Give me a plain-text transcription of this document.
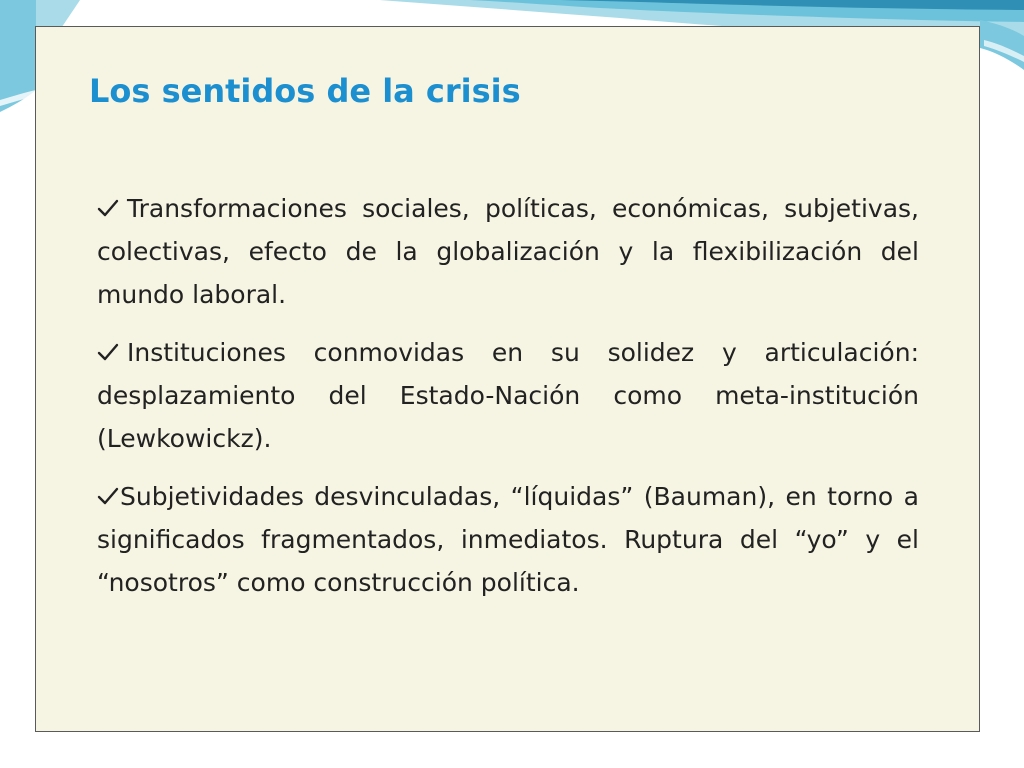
Los sentidos de la crisis
Transformaciones sociales, políticas, económicas, subjetivas, colectivas, efecto de la globalización y la flexibilización del mundo laboral.
Instituciones conmovidas en su solidez y articulación: desplazamiento del Estado-Nación como meta-institución (Lewkowickz).
Subjetividades desvinculadas, “líquidas” (Bauman), en torno a significados fragmentados, inmediatos. Ruptura del “yo” y el “nosotros” como construcción política.
